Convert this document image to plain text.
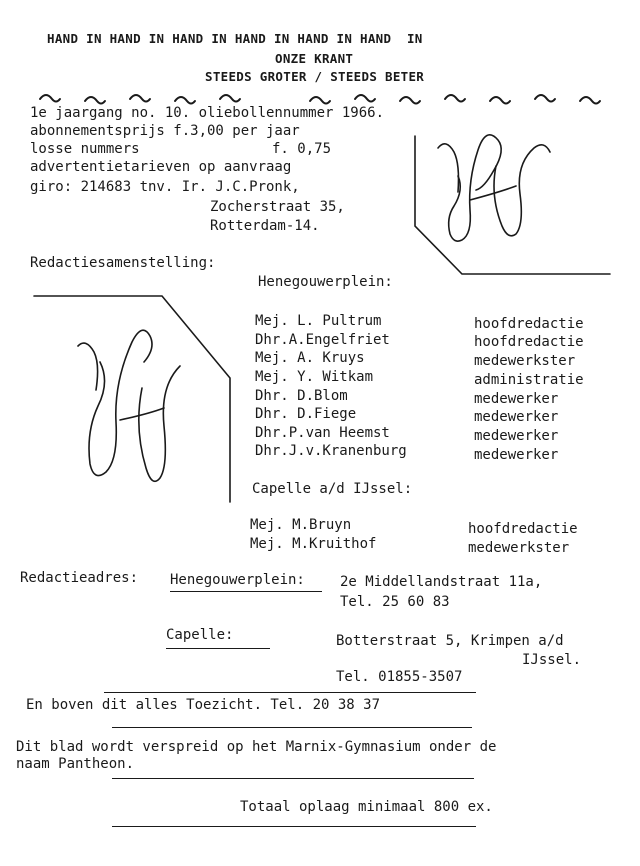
HAND IN HAND IN HAND IN HAND IN HAND IN HAND  IN
ONZE KRANT
STEEDS GROTER / STEEDS BETER
1e jaargang no. 10. oliebollennummer 1966.
abonnementsprijs f.3,00 per jaar
losse nummers	f. 0,75
advertentietarieven op aanvraag
giro: 214683 tnv. Ir. J.C.Pronk,
Zocherstraat 35,
Rotterdam-14.
Redactiesamenstelling:
Henegouwerplein:
Mej. L. Pultrum	hoofdredactie
Dhr.A.Engelfriet	hoofdredactie
Mej. A. Kruys	medewerkster
Mej. Y. Witkam	administratie
Dhr. D.Blom	medewerker
Dhr. D.Fiege	medewerker
Dhr.P.van Heemst	medewerker
Dhr.J.v.Kranenburg	medewerker
Capelle a/d IJssel:
Mej. M.Bruyn	hoofdredactie
Mej. M.Kruithof	medewerkster
Redactieadres: Henegouwerplein:	2e Middellandstraat 11a,
Tel. 25 60 83
Capelle:	Botterstraat 5, Krimpen a/d
IJssel.
Tel. 01855-3507
En boven dit alles Toezicht. Tel. 20 38 37
Dit blad wordt verspreid op het Marnix-Gymnasium onder de
naam Pantheon.
Totaal oplaag minimaal 800 ex.
